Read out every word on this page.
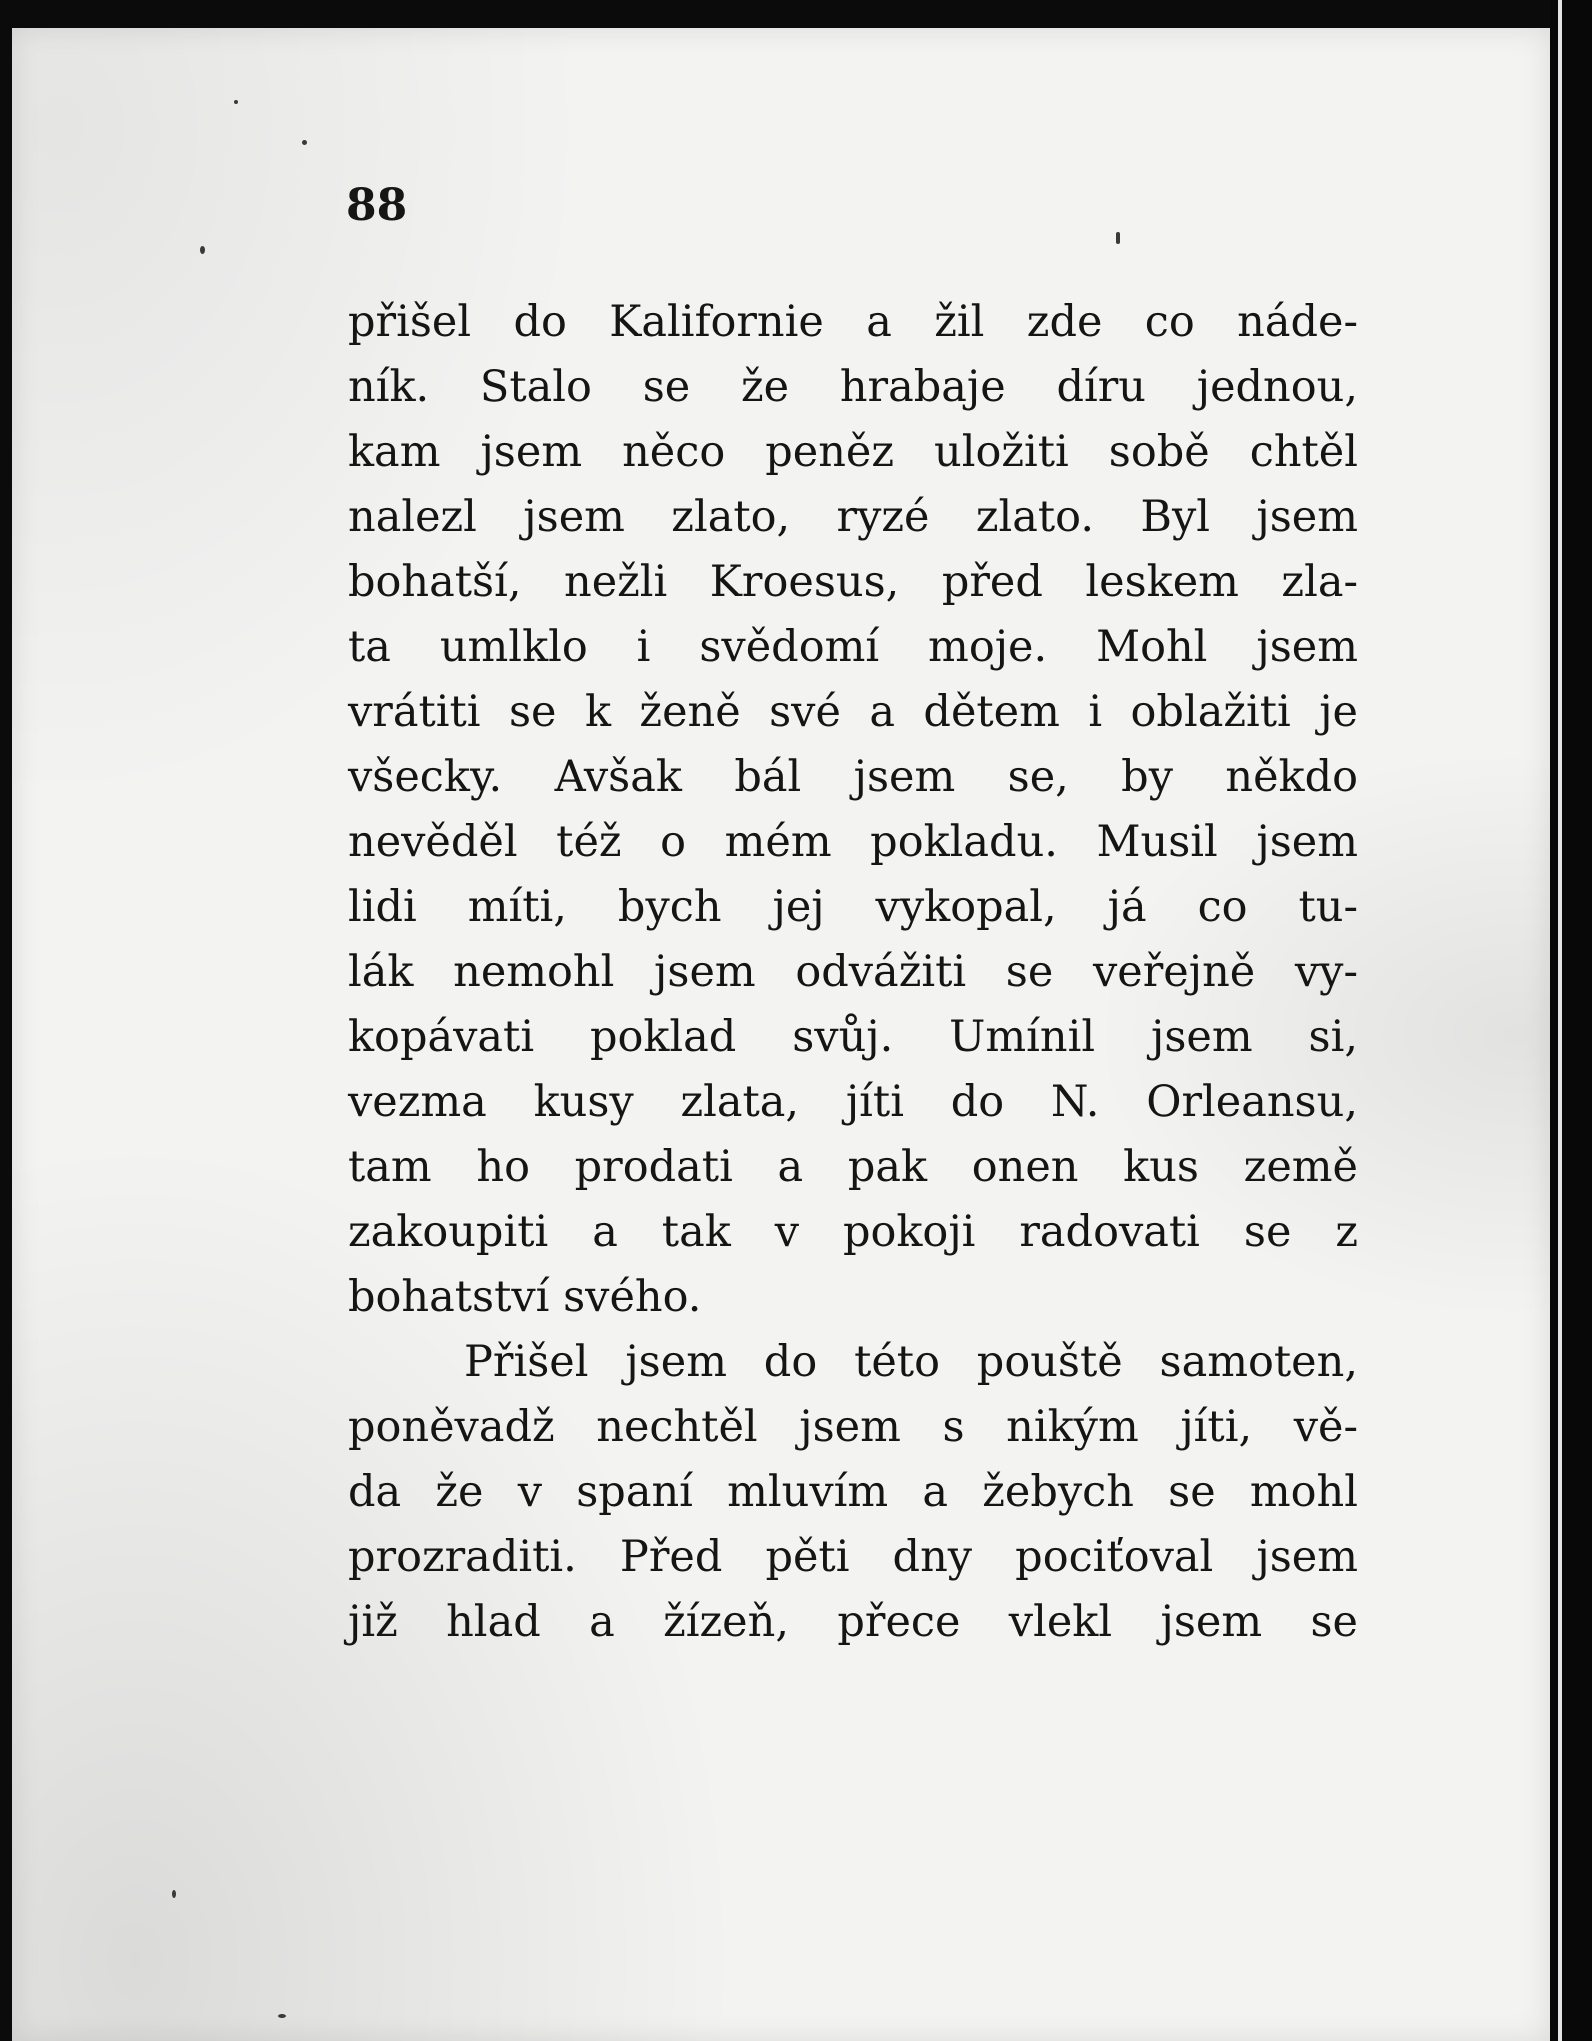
88
přišel do Kalifornie a žil zde co náde-
ník. Stalo se že hrabaje díru jednou,
kam jsem něco peněz uložiti sobě chtěl
nalezl jsem zlato, ryzé zlato. Byl jsem
bohatší, nežli Kroesus, před leskem zla-
ta umlklo i svědomí moje. Mohl jsem
vrátiti se k ženě své a dětem i oblažiti je
všecky. Avšak bál jsem se, by někdo
nevěděl též o mém pokladu. Musil jsem
lidi míti, bych jej vykopal, já co tu-
lák nemohl jsem odvážiti se veřejně vy-
kopávati poklad svůj. Umínil jsem si,
vezma kusy zlata, jíti do N. Orleansu,
tam ho prodati a pak onen kus země
zakoupiti a tak v pokoji radovati se z
bohatství svého.
Přišel jsem do této pouště samoten,
poněvadž nechtěl jsem s nikým jíti, vě-
da že v spaní mluvím a žebych se mohl
prozraditi. Před pěti dny pociťoval jsem
již hlad a žízeň, přece vlekl jsem se
